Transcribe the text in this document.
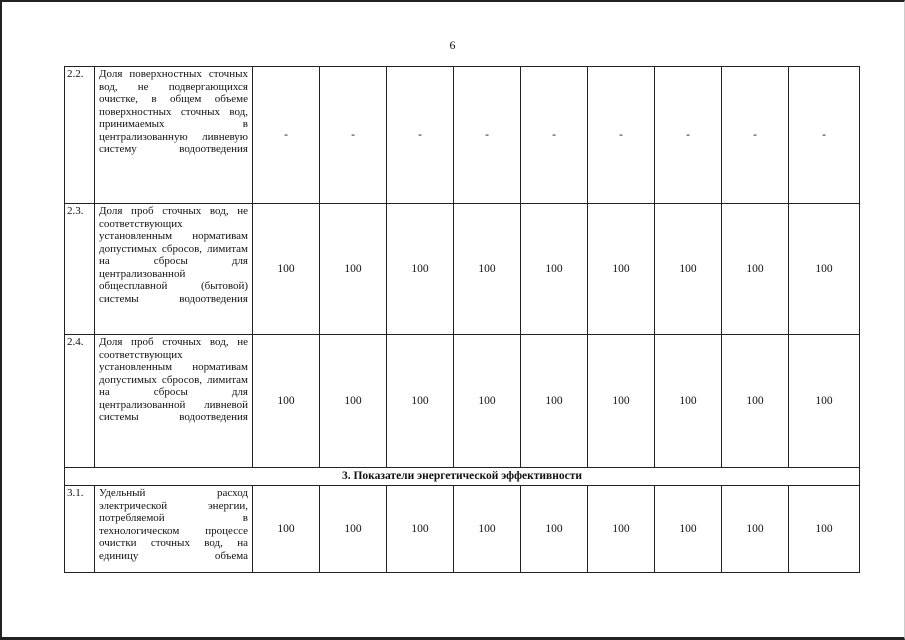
6
2.2.	Доля поверхностных сточных вод, не подвергающихся очистке, в общем объеме поверхностных сточных вод, принимаемых в централизованную ливневую систему водоотведения	-	-	-	-	-	-	-	-	-
2.3.	Доля проб сточных вод, не соответствующих установленным нормативам допустимых сбросов, лимитам на сбросы для централизованной общесплавной (бытовой) системы водоотведения	100	100	100	100	100	100	100	100	100
2.4.	Доля проб сточных вод, не соответствующих установленным нормативам допустимых сбросов, лимитам на сбросы для централизованной ливневой системы водоотведения	100	100	100	100	100	100	100	100	100
3. Показатели энергетической эффективности										
3.1.	Удельный расход электрической энергии, потребляемой в технологическом процессе очистки сточных вод, на единицу объема	100	100	100	100	100	100	100	100	100
